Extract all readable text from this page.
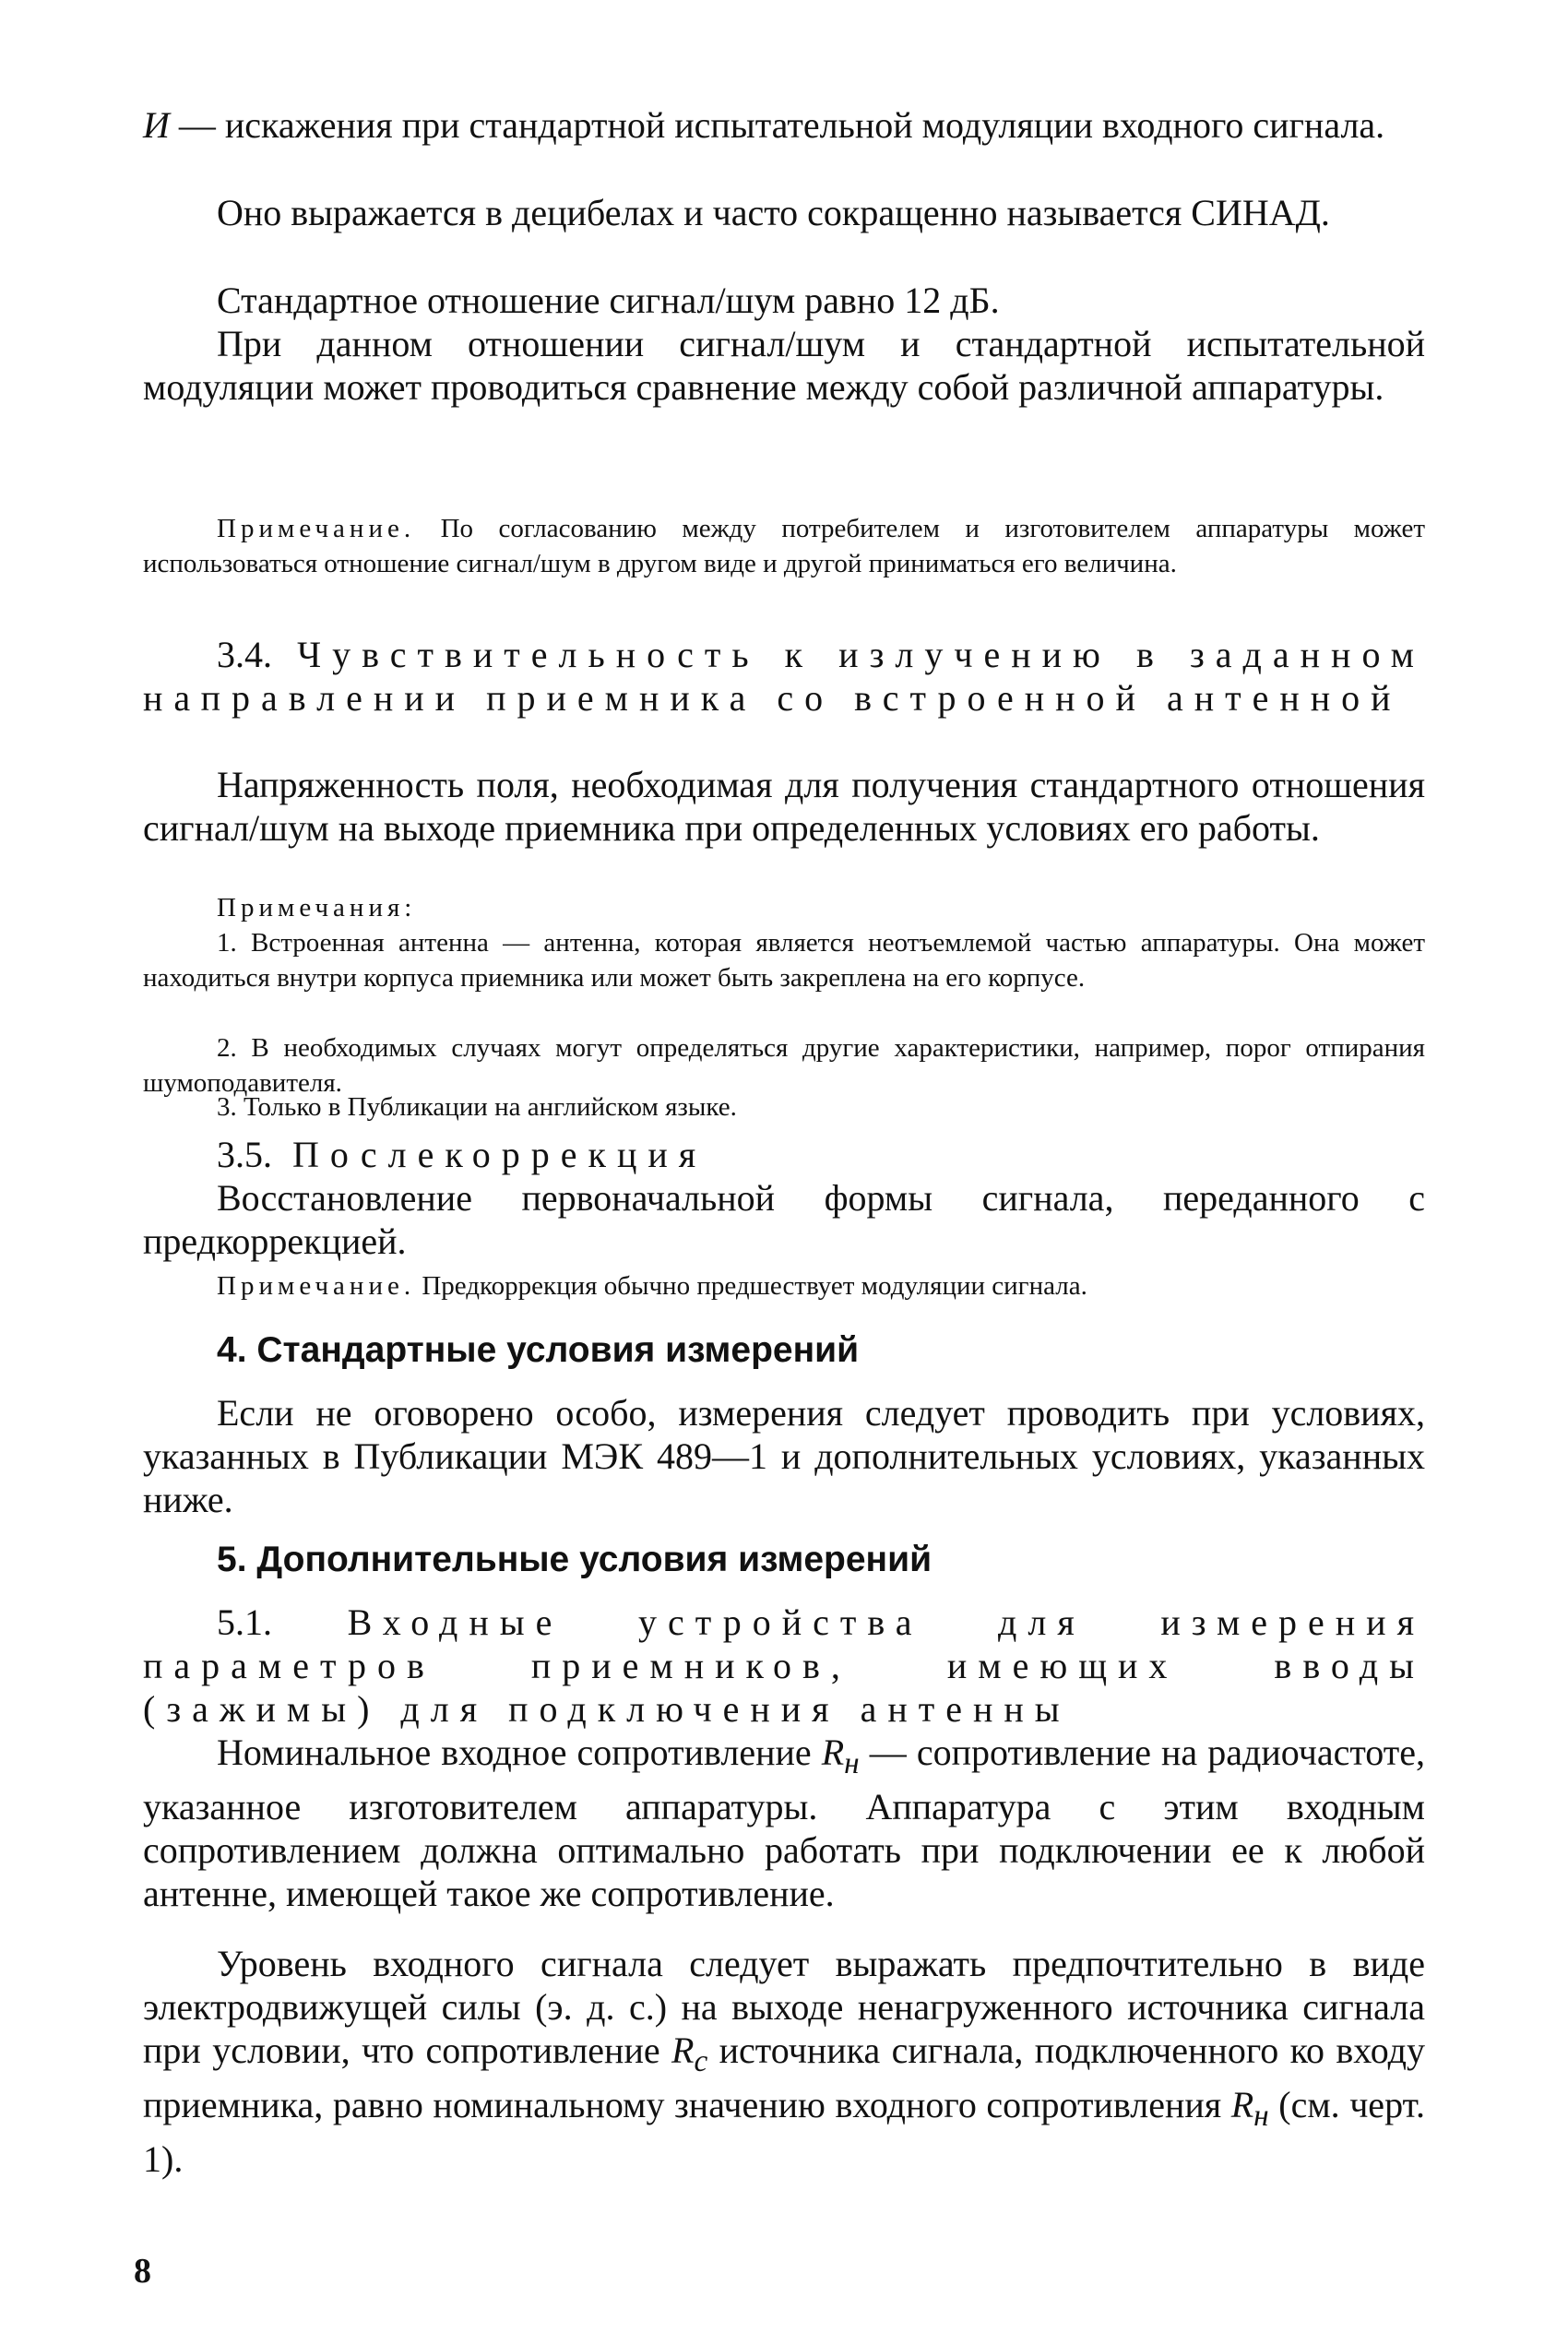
И — искажения при стандартной испытательной модуляции входного сигнала.

Оно выражается в децибелах и часто сокращенно называется СИНАД.

Стандартное отношение сигнал/шум равно 12 дБ.

При данном отношении сигнал/шум и стандартной испытательной модуляции может проводиться сравнение между собой различной аппаратуры.

Примечание. По согласованию между потребителем и изготовителем аппаратуры может использоваться отношение сигнал/шум в другом виде и другой приниматься его величина.

3.4. Чувствительность к излучению в заданном направлении приемника со встроенной антенной

Напряженность поля, необходимая для получения стандартного отношения сигнал/шум на выходе приемника при определенных условиях его работы.

Примечания:

1. Встроенная антенна — антенна, которая является неотъемлемой частью аппаратуры. Она может находиться внутри корпуса приемника или может быть закреплена на его корпусе.

2. В необходимых случаях могут определяться другие характеристики, например, порог отпирания шумоподавителя.

3. Только в Публикации на английском языке.

3.5. Послекоррекция

Восстановление первоначальной формы сигнала, переданного с предкоррекцией.

Примечание. Предкоррекция обычно предшествует модуляции сигнала.

4. Стандартные условия измерений

Если не оговорено особо, измерения следует проводить при условиях, указанных в Публикации МЭК 489—1 и дополнительных условиях, указанных ниже.

5. Дополнительные условия измерений

5.1. Входные устройства для измерения параметров приемников, имеющих вводы (зажимы) для подключения антенны

Номинальное входное сопротивление $R_н$ — сопротивление на радиочастоте, указанное изготовителем аппаратуры. Аппаратура с этим входным сопротивлением должна оптимально работать при подключении ее к любой антенне, имеющей такое же сопротивление.

Уровень входного сигнала следует выражать предпочтительно в виде электродвижущей силы (э. д. с.) на выходе ненагруженного источника сигнала при условии, что сопротивление $R_с$ источника сигнала, подключенного ко входу приемника, равно номинальному значению входного сопротивления $R_н$ (см. черт. 1).

8
